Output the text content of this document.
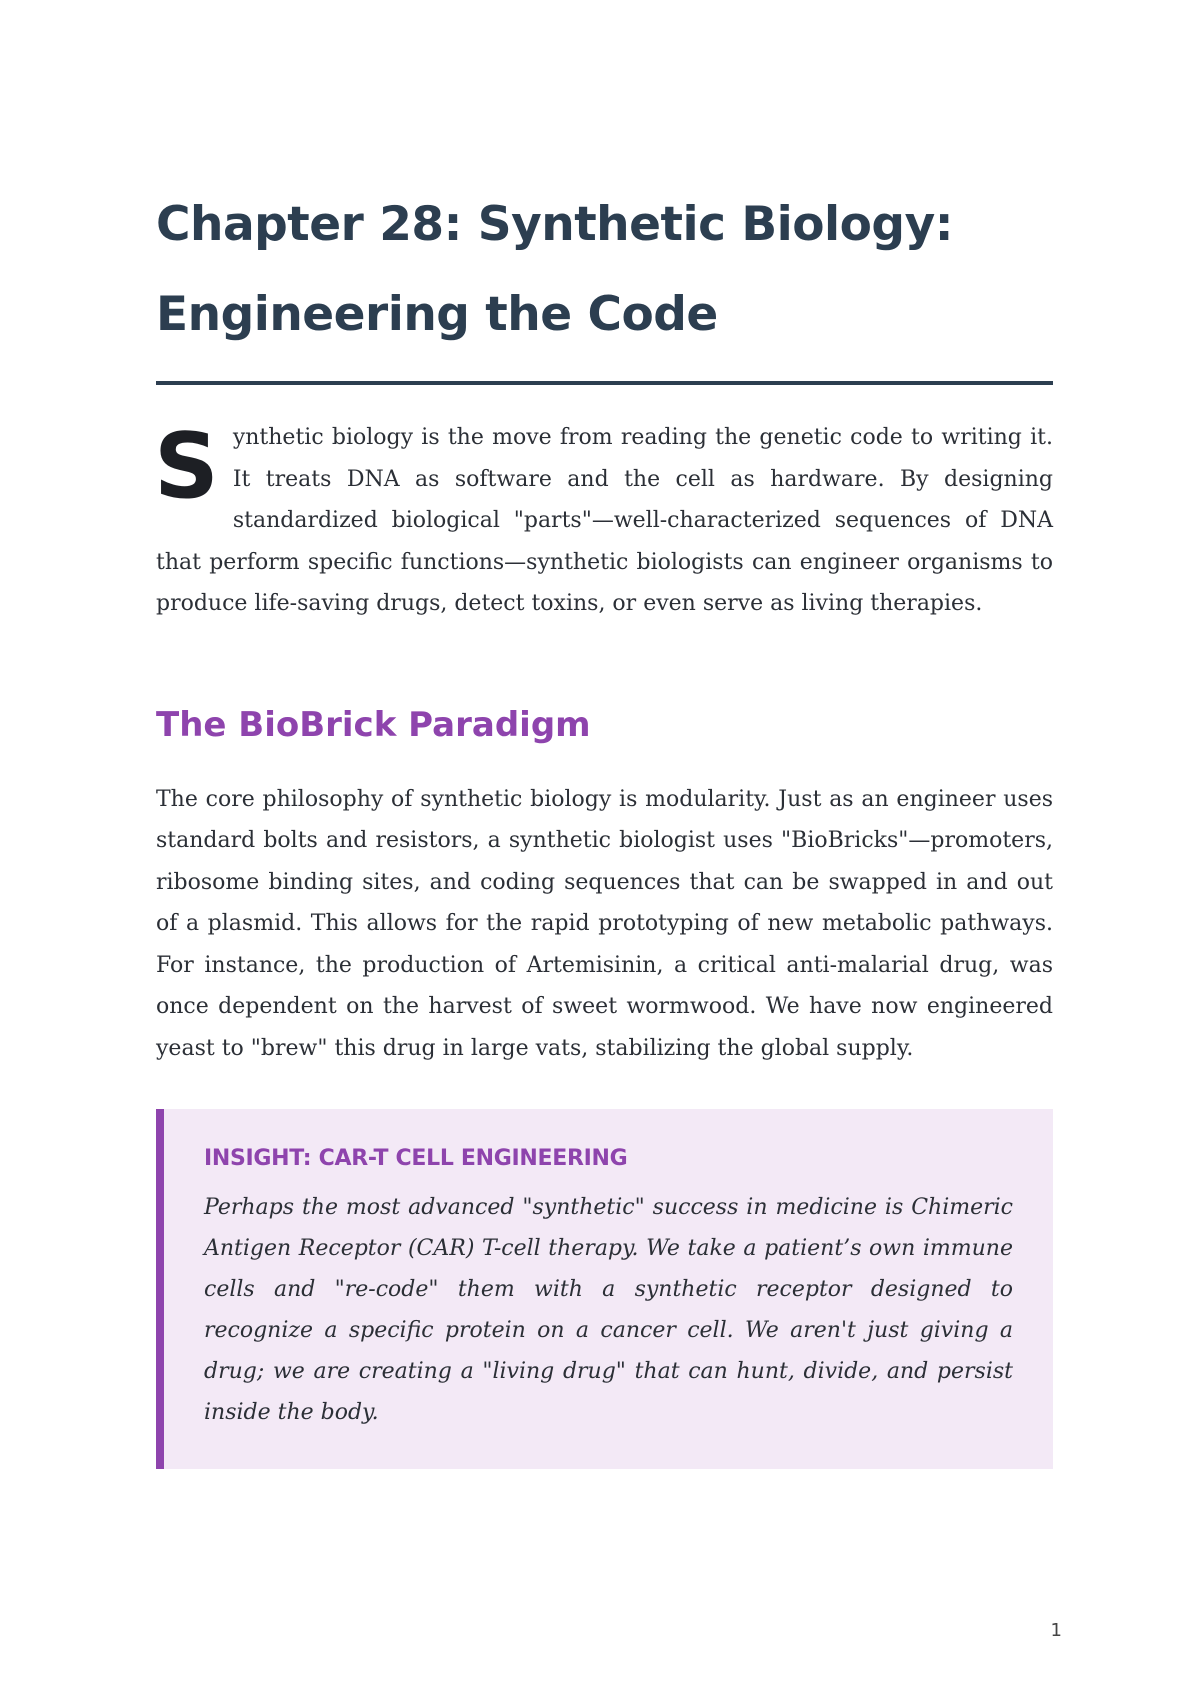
Chapter 28: Synthetic Biology:
Engineering the Code
S ynthetic biology is the move from reading the genetic code to writing it. It treats DNA as software and the cell as hardware. By designing standardized biological "parts"—well-characterized sequences of DNA that perform specific functions—synthetic biologists can engineer organisms to produce life-saving drugs, detect toxins, or even serve as living therapies.

The BioBrick Paradigm

The core philosophy of synthetic biology is modularity. Just as an engineer uses standard bolts and resistors, a synthetic biologist uses "BioBricks"—promoters, ribosome binding sites, and coding sequences that can be swapped in and out of a plasmid. This allows for the rapid prototyping of new metabolic pathways. For instance, the production of Artemisinin, a critical anti-malarial drug, was once dependent on the harvest of sweet wormwood. We have now engineered yeast to "brew" this drug in large vats, stabilizing the global supply.

INSIGHT: CAR-T CELL ENGINEERING

Perhaps the most advanced "synthetic" success in medicine is Chimeric Antigen Receptor (CAR) T-cell therapy. We take a patient’s own immune cells and "re-code" them with a synthetic receptor designed to recognize a specific protein on a cancer cell. We aren't just giving a drug; we are creating a "living drug" that can hunt, divide, and persist inside the body.

1
